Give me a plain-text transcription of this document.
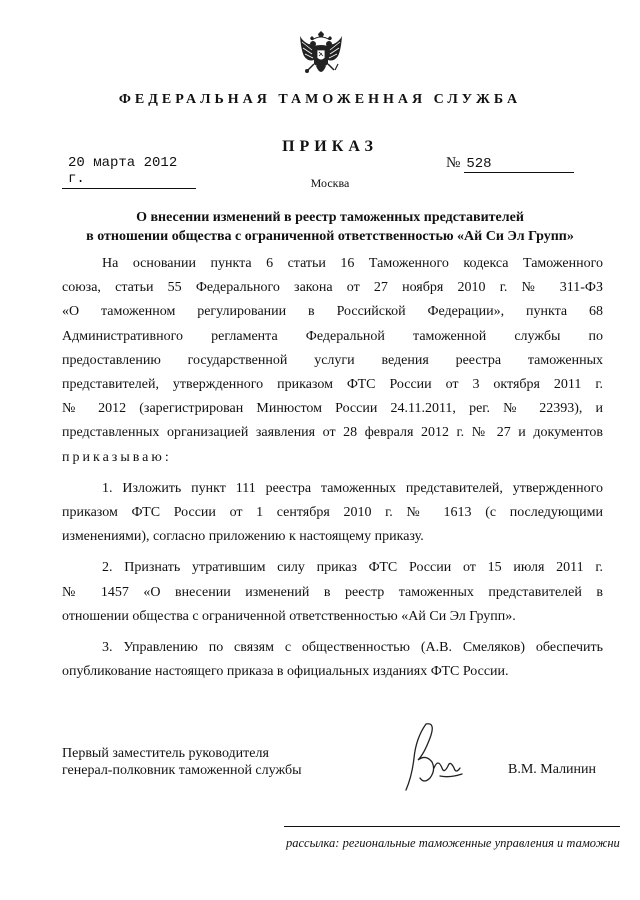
ФЕДЕРАЛЬНАЯ ТАМОЖЕННАЯ СЛУЖБА
ПРИКАЗ
20 марта 2012 г.
№ 528
Москва
О внесении изменений в реестр таможенных представителей
в отношении общества с ограниченной ответственностью «Ай Си Эл Групп»

На основании пункта 6 статьи 16 Таможенного кодекса Таможенного

союза, статьи 55 Федерального закона от 27 ноября 2010 г. № 311-ФЗ

«О таможенном регулировании в Российской Федерации», пункта 68

Административного регламента Федеральной таможенной службы по

предоставлению государственной услуги ведения реестра таможенных

представителей, утвержденного приказом ФТС России от 3 октября 2011 г.

№ 2012 (зарегистрирован Минюстом России 24.11.2011, рег. № 22393), и

представленных организацией заявления от 28 февраля 2012 г. № 27 и документов

приказываю:

1. Изложить пункт 111 реестра таможенных представителей, утвержденного

приказом ФТС России от 1 сентября 2010 г. № 1613 (с последующими

изменениями), согласно приложению к настоящему приказу.

2. Признать утратившим силу приказ ФТС России от 15 июля 2011 г.

№ 1457 «О внесении изменений в реестр таможенных представителей в

отношении общества с ограниченной ответственностью «Ай Си Эл Групп».

3. Управлению по связям с общественностью (А.В. Смеляков) обеспечить

опубликование настоящего приказа в официальных изданиях ФТС России.

Первый заместитель руководителя
генерал-полковник таможенной службы	В.М. Малинин
рассылка: региональные таможенные управления и таможни
